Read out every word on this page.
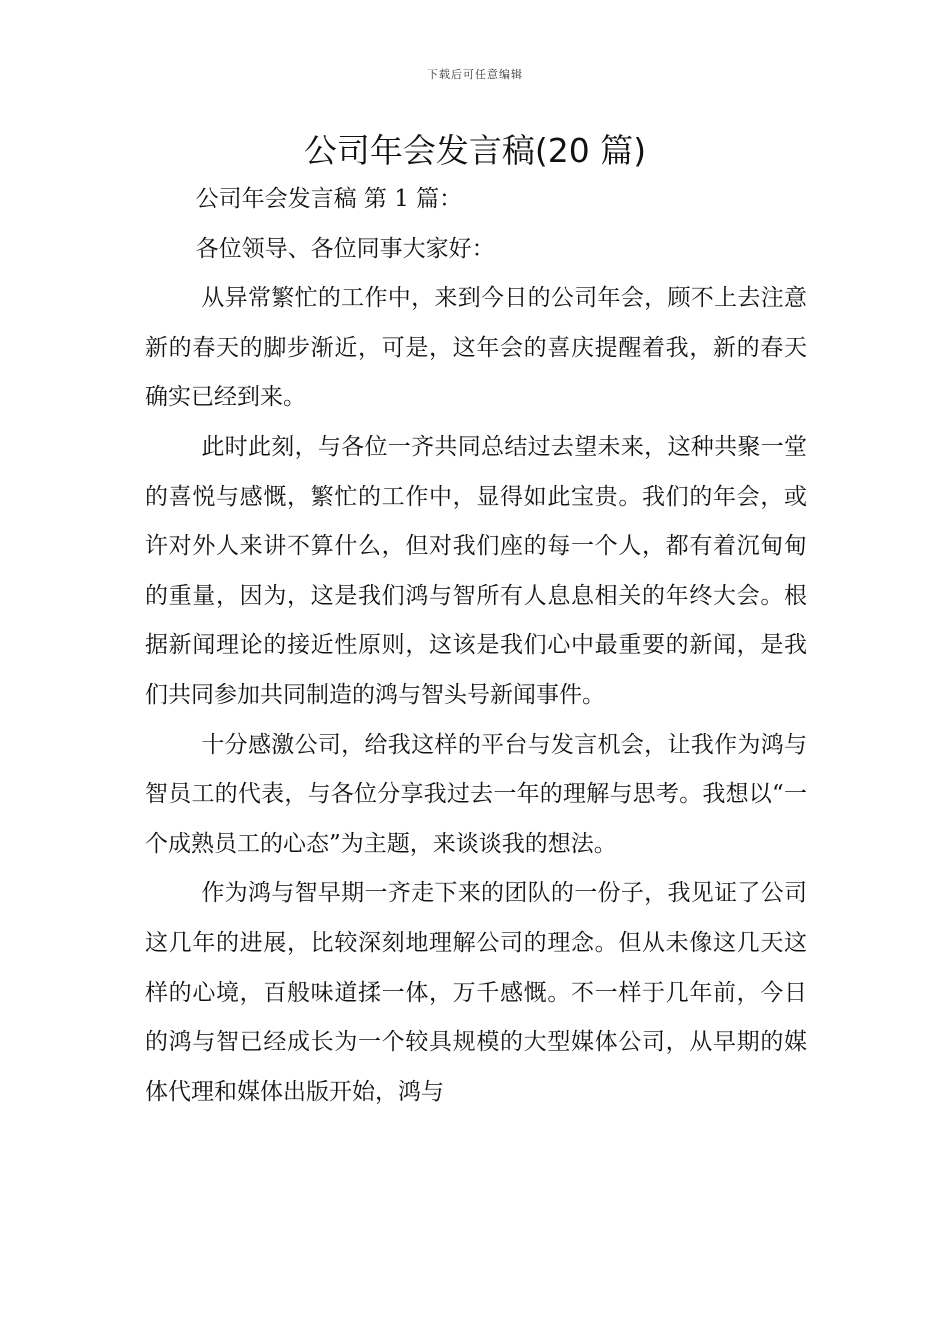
下载后可任意编辑
公司年会发言稿(20 篇)

公司年会发言稿 第 1 篇：

各位领导、各位同事大家好：

从异常繁忙的工作中，来到今日的公司年会，顾不上去注意新的春天的脚步渐近，可是，这年会的喜庆提醒着我，新的春天确实已经到来。

此时此刻，与各位一齐共同总结过去望未来，这种共聚一堂的喜悦与感慨，繁忙的工作中，显得如此宝贵。我们的年会，或许对外人来讲不算什么，但对我们座的每一个人，都有着沉甸甸的重量，因为，这是我们鸿与智所有人息息相关的年终大会。根据新闻理论的接近性原则，这该是我们心中最重要的新闻，是我们共同参加共同制造的鸿与智头号新闻事件。

十分感激公司，给我这样的平台与发言机会，让我作为鸿与智员工的代表，与各位分享我过去一年的理解与思考。我想以“一个成熟员工的心态”为主题，来谈谈我的想法。

作为鸿与智早期一齐走下来的团队的一份子，我见证了公司这几年的进展，比较深刻地理解公司的理念。但从未像这几天这样的心境，百般味道揉一体，万千感慨。不一样于几年前，今日的鸿与智已经成长为一个较具规模的大型媒体公司，从早期的媒体代理和媒体出版开始，鸿与
